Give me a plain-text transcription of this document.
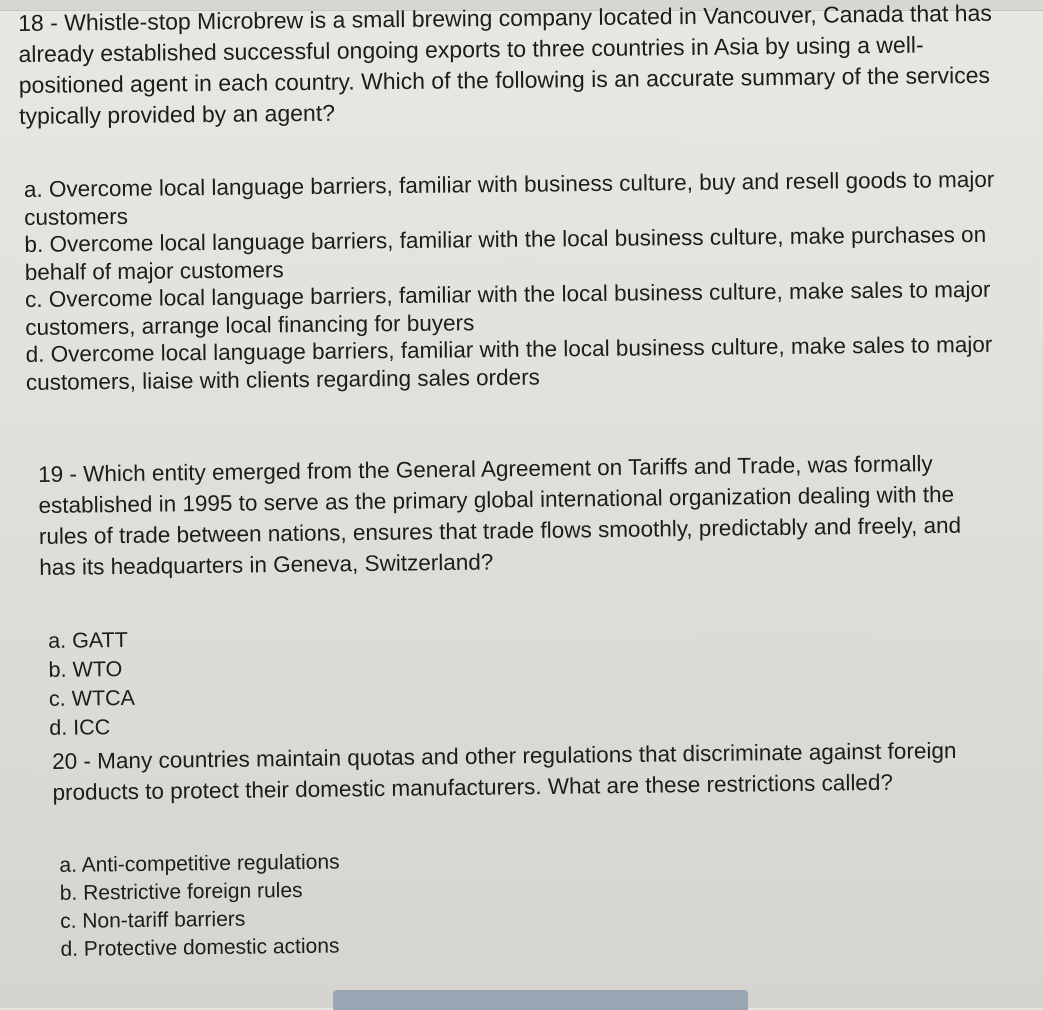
18 - Whistle-stop Microbrew is a small brewing company located in Vancouver, Canada that has already established successful ongoing exports to three countries in Asia by using a well-positioned agent in each country. Which of the following is an accurate summary of the services typically provided by an agent?

a. Overcome local language barriers, familiar with business culture, buy and resell goods to major customers
b. Overcome local language barriers, familiar with the local business culture, make purchases on behalf of major customers
c. Overcome local language barriers, familiar with the local business culture, make sales to major customers, arrange local financing for buyers
d. Overcome local language barriers, familiar with the local business culture, make sales to major customers, liaise with clients regarding sales orders

19 - Which entity emerged from the General Agreement on Tariffs and Trade, was formally established in 1995 to serve as the primary global international organization dealing with the rules of trade between nations, ensures that trade flows smoothly, predictably and freely, and has its headquarters in Geneva, Switzerland?

a. GATT
b. WTO
c. WTCA
d. ICC

20 - Many countries maintain quotas and other regulations that discriminate against foreign products to protect their domestic manufacturers. What are these restrictions called?

a. Anti-competitive regulations
b. Restrictive foreign rules
c. Non-tariff barriers
d. Protective domestic actions
